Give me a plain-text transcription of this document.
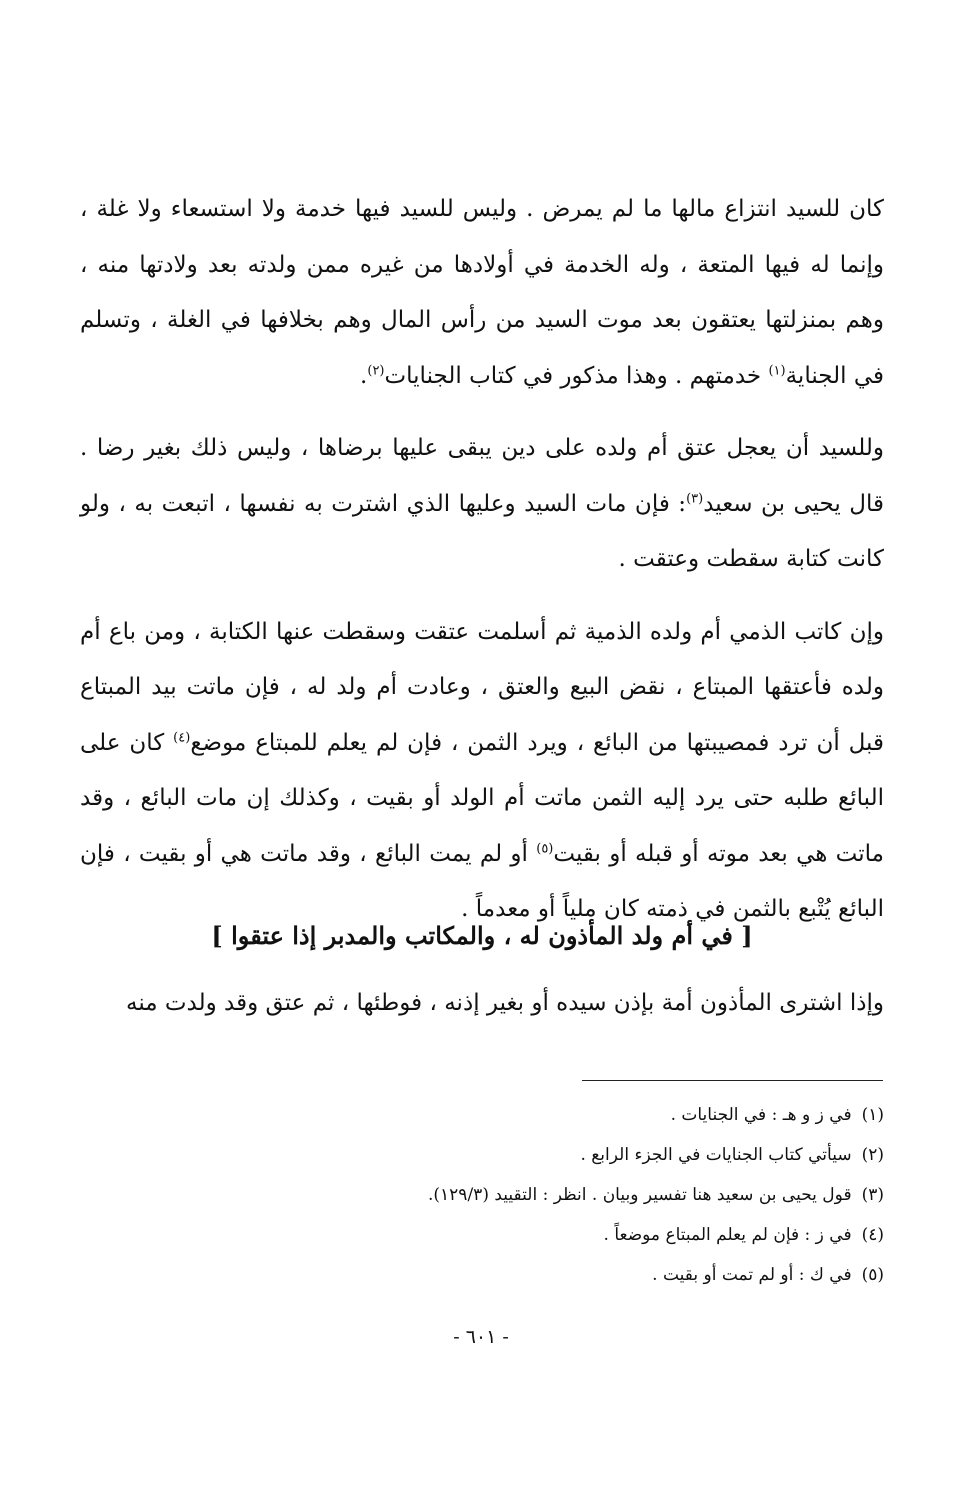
كان للسيد انتزاع مالها ما لم يمرض . وليس للسيد فيها خدمة ولا استسعاء ولا غلة ، وإنما له فيها المتعة ، وله الخدمة في أولادها من غيره ممن ولدته بعد ولادتها منه ، وهم بمنزلتها يعتقون بعد موت السيد من رأس المال وهم بخلافها في الغلة ، وتسلم في الجناية$^{(١)}$ خدمتهم . وهذا مذكور في كتاب الجنايات$^{(٢)}$.

وللسيد أن يعجل عتق أم ولده على دين يبقى عليها برضاها ، وليس ذلك بغير رضا . قال يحيى بن سعيد$^{(٣)}$: فإن مات السيد وعليها الذي اشترت به نفسها ، اتبعت به ، ولو كانت كتابة سقطت وعتقت .

وإن كاتب الذمي أم ولده الذمية ثم أسلمت عتقت وسقطت عنها الكتابة ، ومن باع أم ولده فأعتقها المبتاع ، نقض البيع والعتق ، وعادت أم ولد له ، فإن ماتت بيد المبتاع قبل أن ترد فمصيبتها من البائع ، ويرد الثمن ، فإن لم يعلم للمبتاع موضع$^{(٤)}$ كان على البائع طلبه حتى يرد إليه الثمن ماتت أم الولد أو بقيت ، وكذلك إن مات البائع ، وقد ماتت هي بعد موته أو قبله أو بقيت$^{(٥)}$ أو لم يمت البائع ، وقد ماتت هي أو بقيت ، فإن البائع يُتْبع بالثمن في ذمته كان ملياً أو معدماً .

[ في أم ولد المأذون له ، والمكاتب والمدبر إذا عتقوا ]

وإذا اشترى المأذون أمة بإذن سيده أو بغير إذنه ، فوطئها ، ثم عتق وقد ولدت منه

(١)في ز و هـ : في الجنايات .
(٢)سيأتي كتاب الجنايات في الجزء الرابع .
(٣)قول يحيى بن سعيد هنا تفسير وبيان . انظر : التقييد (١٢٩/٣).
(٤)في ز : فإن لم يعلم المبتاع موضعاً .
(٥)في ك : أو لم تمت أو بقيت .
- ٦٠١ -
